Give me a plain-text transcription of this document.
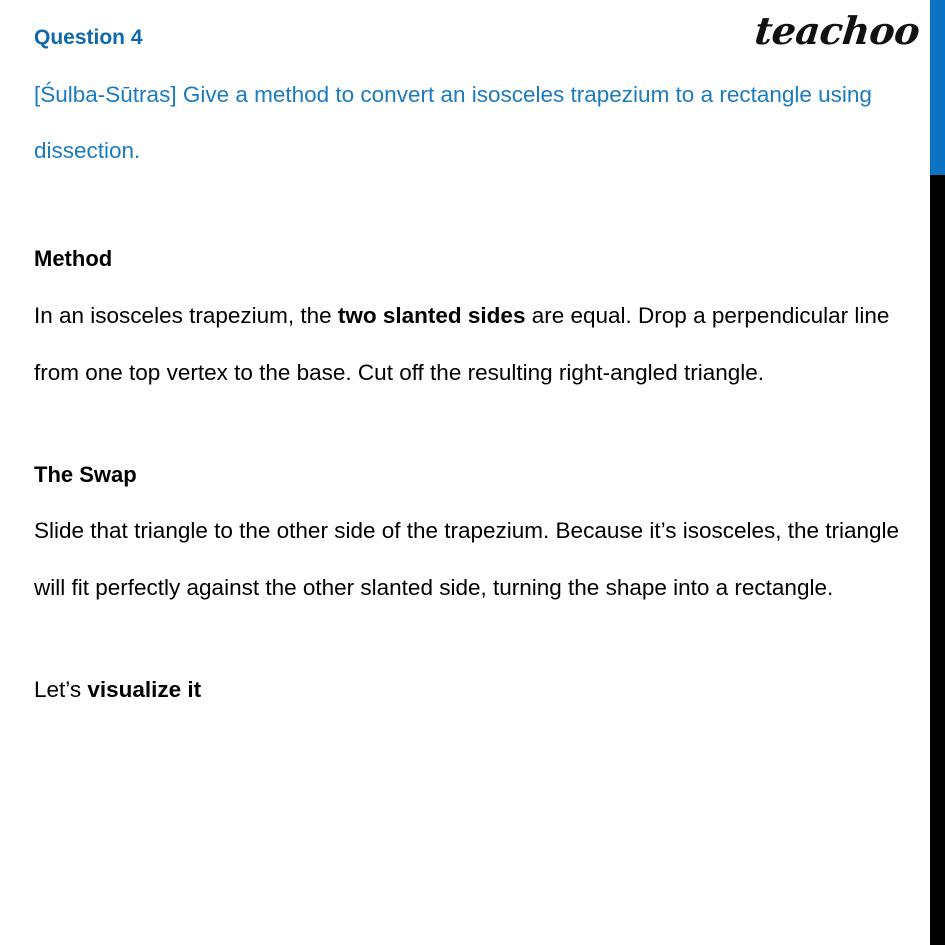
teachoo
Question 4

[Śulba-Sūtras] Give a method to convert an isosceles trapezium to a rectangle using dissection.

Method

In an isosceles trapezium, the two slanted sides are equal. Drop a perpendicular line from one top vertex to the base. Cut off the resulting right-angled triangle.

The Swap

Slide that triangle to the other side of the trapezium. Because it’s isosceles, the triangle will fit perfectly against the other slanted side, turning the shape into a rectangle.

Let’s visualize it
